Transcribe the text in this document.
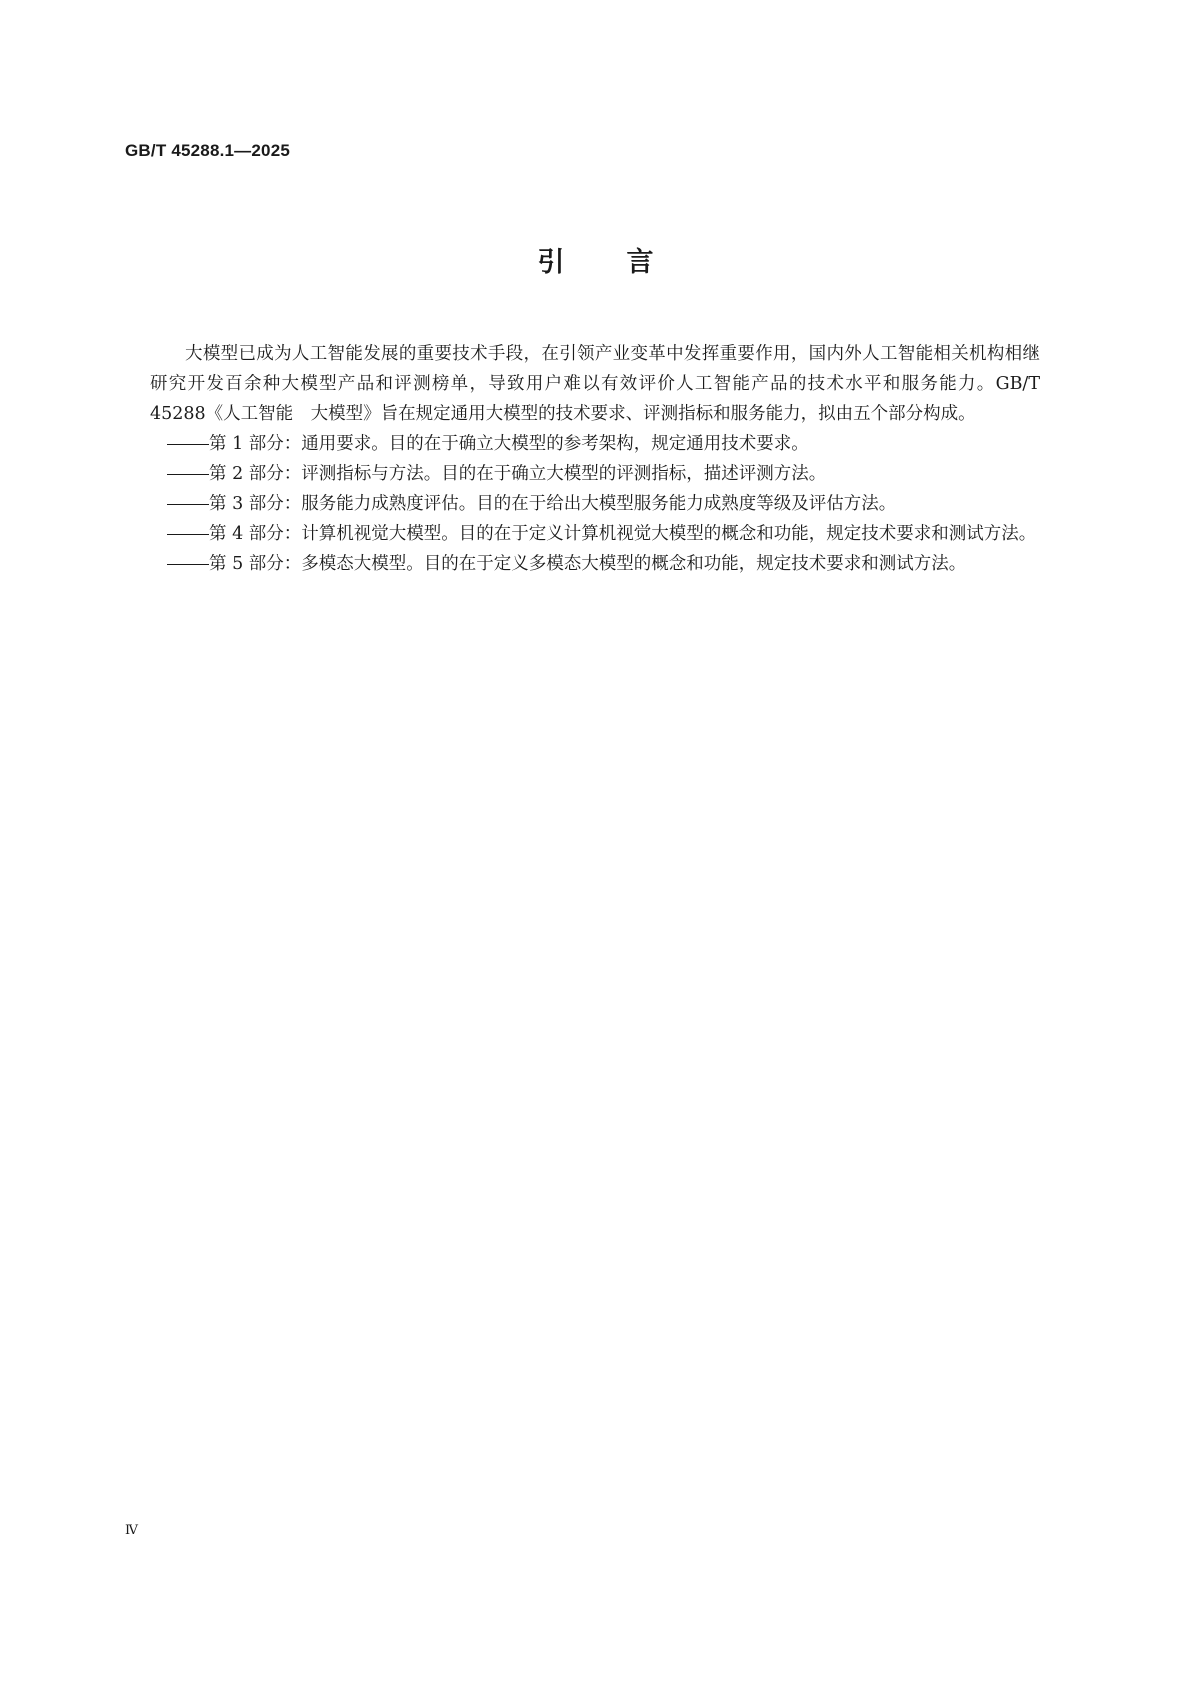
GB/T 45288.1—2025
引言

大模型已成为人工智能发展的重要技术手段，在引领产业变革中发挥重要作用，国内外人工智能相关机构相继研究开发百余种大模型产品和评测榜单，导致用户难以有效评价人工智能产品的技术水平和服务能力。GB/T 45288《人工智能　大模型》旨在规定通用大模型的技术要求、评测指标和服务能力，拟由五个部分构成。

第 1 部分：通用要求。目的在于确立大模型的参考架构，规定通用技术要求。
第 2 部分：评测指标与方法。目的在于确立大模型的评测指标，描述评测方法。
第 3 部分：服务能力成熟度评估。目的在于给出大模型服务能力成熟度等级及评估方法。
第 4 部分：计算机视觉大模型。目的在于定义计算机视觉大模型的概念和功能，规定技术要求和测试方法。
第 5 部分：多模态大模型。目的在于定义多模态大模型的概念和功能，规定技术要求和测试方法。
Ⅳ
